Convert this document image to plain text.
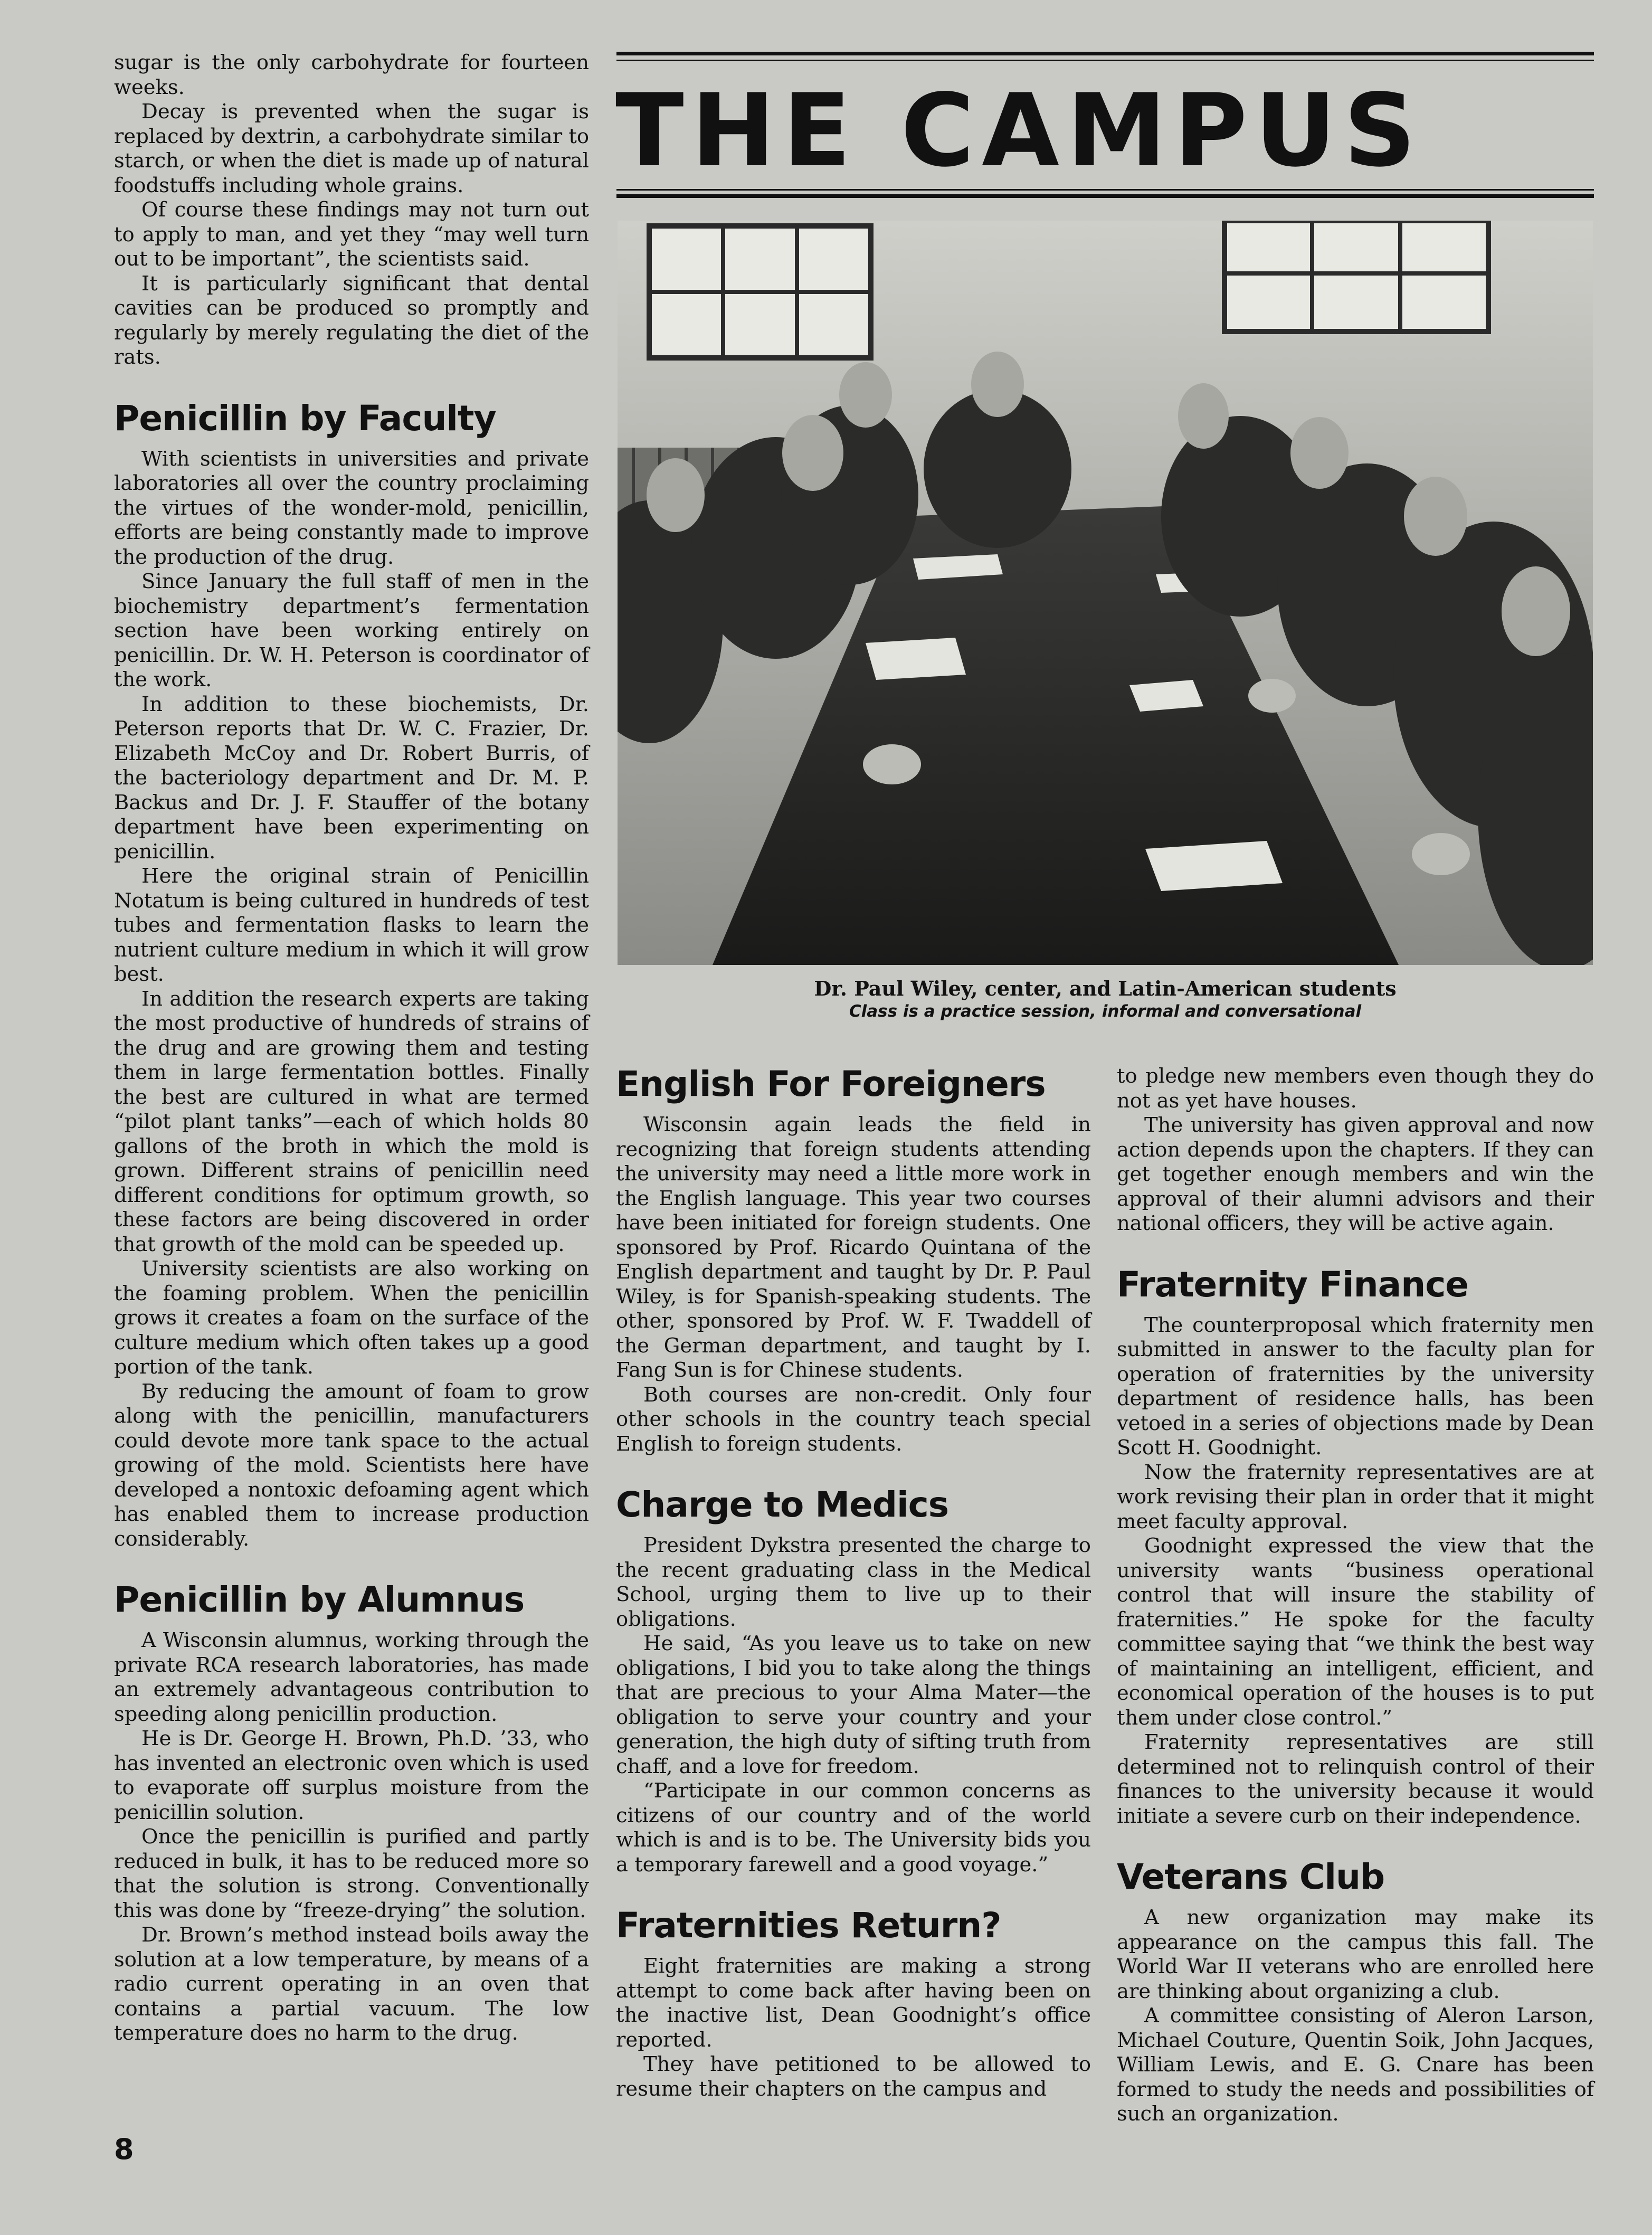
THE CAMPUS
Dr. Paul Wiley, center, and Latin-American students
Class is a practice session, informal and conversational

sugar is the only carbohydrate for fourteen weeks.

Decay is prevented when the sugar is replaced by dextrin, a carbohydrate similar to starch, or when the diet is made up of natural foodstuffs including whole grains.

Of course these findings may not turn out to apply to man, and yet they “may well turn out to be important”, the scientists said.

It is particularly significant that dental cavities can be produced so promptly and regularly by merely regulating the diet of the rats.

Penicillin by Faculty

With scientists in universities and private laboratories all over the country proclaiming the virtues of the wonder-mold, penicillin, efforts are being constantly made to improve the production of the drug.

Since January the full staff of men in the biochemistry department’s fermentation section have been working entirely on penicillin. Dr. W. H. Peterson is coordinator of the work.

In addition to these biochemists, Dr. Peterson reports that Dr. W. C. Frazier, Dr. Elizabeth McCoy and Dr. Robert Burris, of the bacteriology department and Dr. M. P. Backus and Dr. J. F. Stauffer of the botany department have been experimenting on penicillin.

Here the original strain of Penicillin Notatum is being cultured in hundreds of test tubes and fermentation flasks to learn the nutrient culture medium in which it will grow best.

In addition the research experts are taking the most productive of hundreds of strains of the drug and are growing them and testing them in large fermentation bottles. Finally the best are cultured in what are termed “pilot plant tanks”—each of which holds 80 gallons of the broth in which the mold is grown. Different strains of penicillin need different conditions for optimum growth, so these factors are being discovered in order that growth of the mold can be speeded up.

University scientists are also working on the foaming problem. When the penicillin grows it creates a foam on the surface of the culture medium which often takes up a good portion of the tank.

By reducing the amount of foam to grow along with the penicillin, manufacturers could devote more tank space to the actual growing of the mold. Scientists here have developed a nontoxic defoaming agent which has enabled them to increase production considerably.

Penicillin by Alumnus

A Wisconsin alumnus, working through the private RCA research laboratories, has made an extremely advantageous contribution to speeding along penicillin production.

He is Dr. George H. Brown, Ph.D. ’33, who has invented an electronic oven which is used to evaporate off surplus moisture from the penicillin solution.

Once the penicillin is purified and partly reduced in bulk, it has to be reduced more so that the solution is strong. Conventionally this was done by “freeze-drying” the solution.

Dr. Brown’s method instead boils away the solution at a low temperature, by means of a radio current operating in an oven that contains a partial vacuum. The low temperature does no harm to the drug.

English For Foreigners

Wisconsin again leads the field in recognizing that foreign students attending the university may need a little more work in the English language. This year two courses have been initiated for foreign students. One sponsored by Prof. Ricardo Quintana of the English department and taught by Dr. P. Paul Wiley, is for Spanish-speaking students. The other, sponsored by Prof. W. F. Twaddell of the German department, and taught by I. Fang Sun is for Chinese students.

Both courses are non-credit. Only four other schools in the country teach special English to foreign students.

Charge to Medics

President Dykstra presented the charge to the recent graduating class in the Medical School, urging them to live up to their obligations.

He said, “As you leave us to take on new obligations, I bid you to take along the things that are precious to your Alma Mater—the obligation to serve your country and your generation, the high duty of sifting truth from chaff, and a love for freedom.

“Participate in our common concerns as citizens of our country and of the world which is and is to be. The University bids you a temporary farewell and a good voyage.”

Fraternities Return?

Eight fraternities are making a strong attempt to come back after having been on the inactive list, Dean Goodnight’s office reported.

They have petitioned to be allowed to resume their chapters on the campus and

to pledge new members even though they do not as yet have houses.

The university has given approval and now action depends upon the chapters. If they can get together enough members and win the approval of their alumni advisors and their national officers, they will be active again.

Fraternity Finance

The counterproposal which fraternity men submitted in answer to the faculty plan for operation of fraternities by the university department of residence halls, has been vetoed in a series of objections made by Dean Scott H. Goodnight.

Now the fraternity representatives are at work revising their plan in order that it might meet faculty approval.

Goodnight expressed the view that the university wants “business operational control that will insure the stability of fraternities.” He spoke for the faculty committee saying that “we think the best way of maintaining an intelligent, efficient, and economical operation of the houses is to put them under close control.”

Fraternity representatives are still determined not to relinquish control of their finances to the university because it would initiate a severe curb on their independence.

Veterans Club

A new organization may make its appearance on the campus this fall. The World War II veterans who are enrolled here are thinking about organizing a club.

A committee consisting of Aleron Larson, Michael Couture, Quentin Soik, John Jacques, William Lewis, and E. G. Cnare has been formed to study the needs and possibilities of such an organization.

8
